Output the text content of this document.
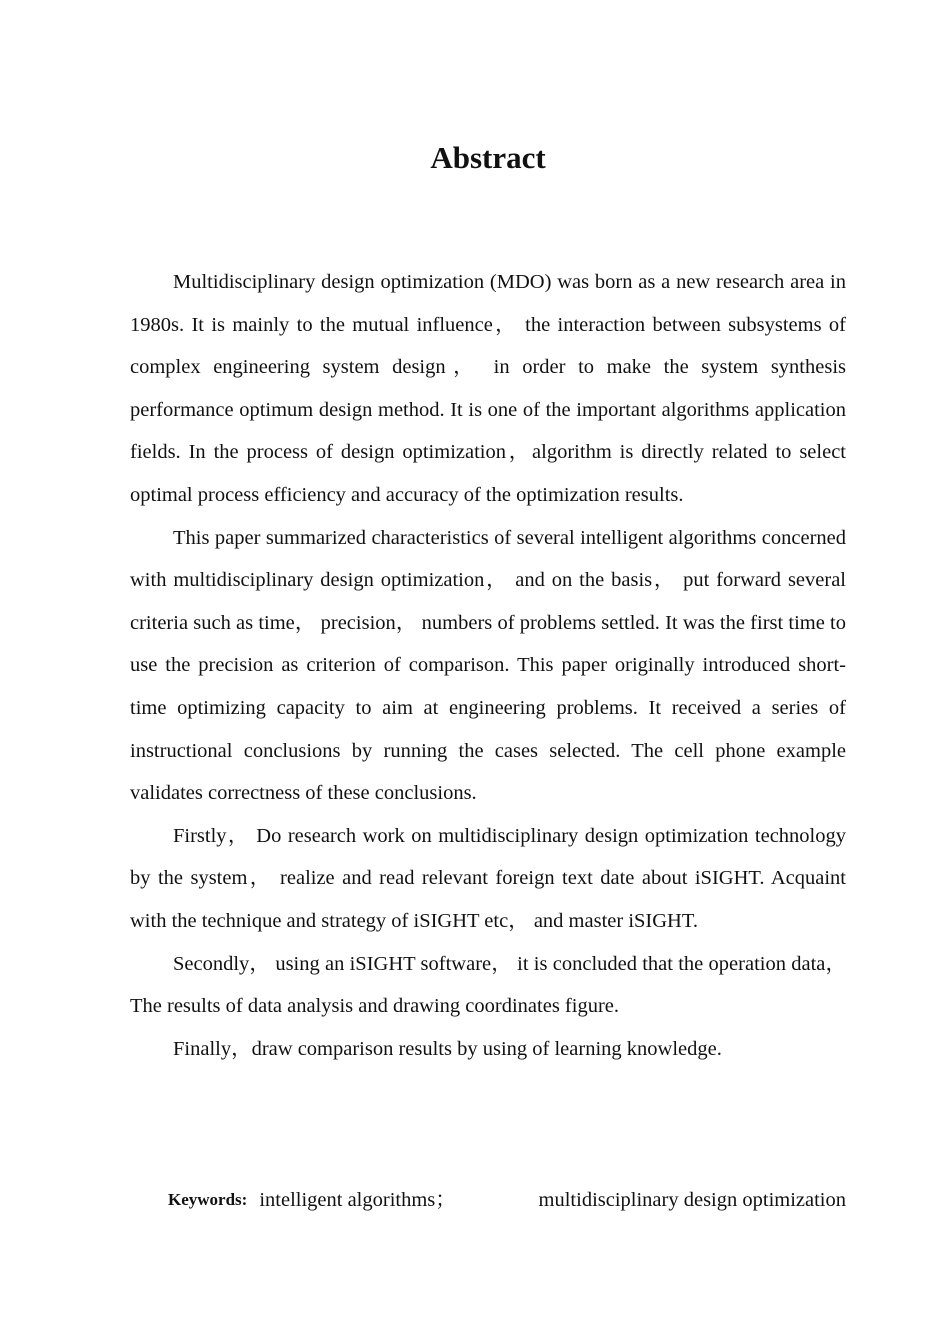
Abstract

Multidisciplinary design optimization (MDO) was born as a new research area in 1980s. It is mainly to the mutual influence， the interaction between subsystems of complex engineering system design， in order to make the system synthesis performance optimum design method. It is one of the important algorithms application fields. In the process of design optimization，algorithm is directly related to select optimal process efficiency and accuracy of the optimization results.

This paper summarized characteristics of several intelligent algorithms concerned with multidisciplinary design optimization， and on the basis， put forward several criteria such as time， precision， numbers of problems settled. It was the first time to use the precision as criterion of comparison. This paper originally introduced short-time optimizing capacity to aim at engineering problems. It received a series of instructional conclusions by running the cases selected. The cell phone example validates correctness of these conclusions.

Firstly， Do research work on multidisciplinary design optimization technology by the system， realize and read relevant foreign text date about iSIGHT. Acquaint with the technique and strategy of iSIGHT etc， and master iSIGHT.

Secondly， using an iSIGHT software， it is concluded that the operation data，The results of data analysis and drawing coordinates figure.

Finally，draw comparison results by using of learning knowledge.

Keywords: intelligent algorithms；	multidisciplinary design optimization
